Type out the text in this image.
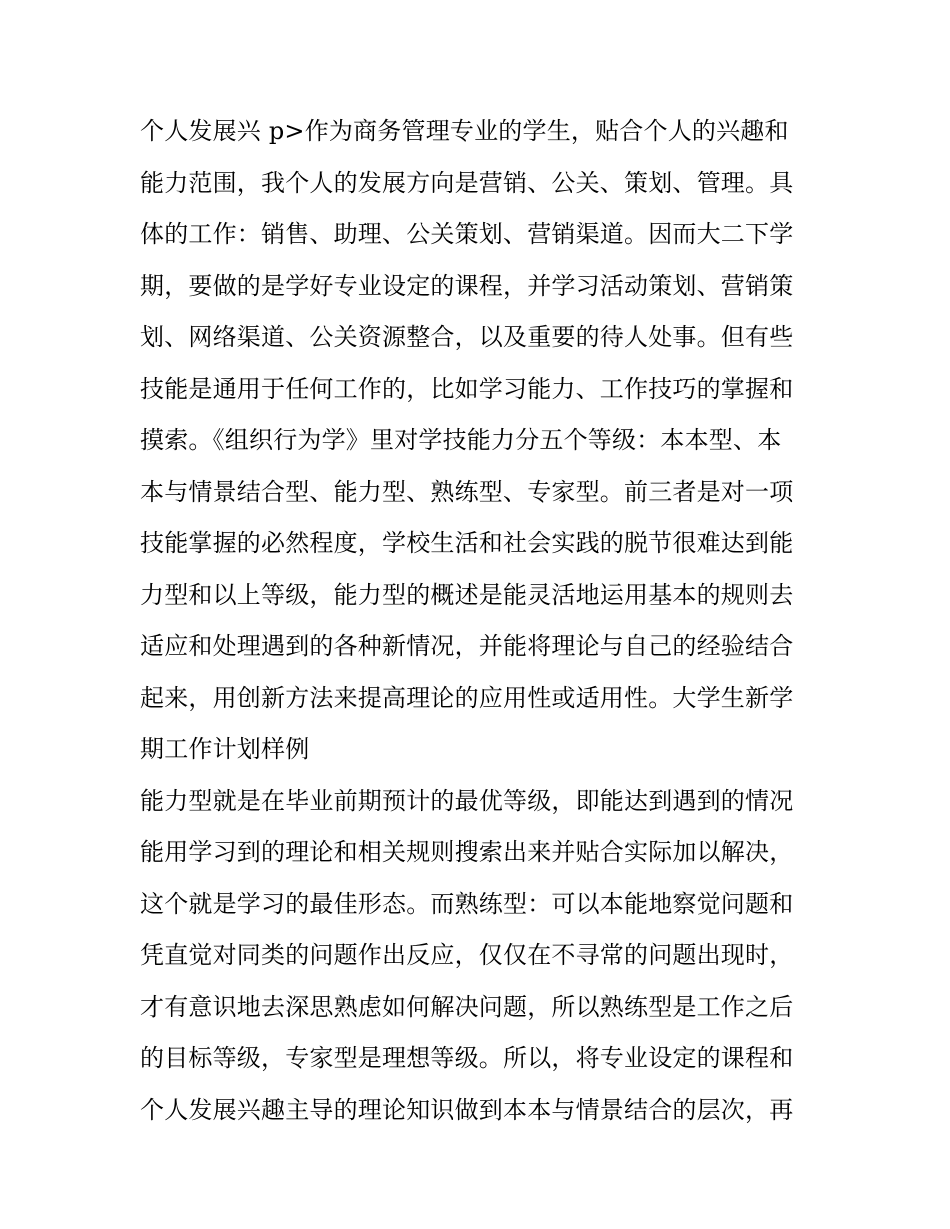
个人发展兴 p>作为商务管理专业的学生，贴合个人的兴趣和
能力范围，我个人的发展方向是营销、公关、策划、管理。具
体的工作：销售、助理、公关策划、营销渠道。因而大二下学
期，要做的是学好专业设定的课程，并学习活动策划、营销策
划、网络渠道、公关资源整合，以及重要的待人处事。但有些
技能是通用于任何工作的，比如学习能力、工作技巧的掌握和
摸索。《组织行为学》里对学技能力分五个等级：本本型、本
本与情景结合型、能力型、熟练型、专家型。前三者是对一项
技能掌握的必然程度，学校生活和社会实践的脱节很难达到能
力型和以上等级，能力型的概述是能灵活地运用基本的规则去
适应和处理遇到的各种新情况，并能将理论与自己的经验结合
起来，用创新方法来提高理论的应用性或适用性。大学生新学
期工作计划样例
能力型就是在毕业前期预计的最优等级，即能达到遇到的情况
能用学习到的理论和相关规则搜索出来并贴合实际加以解决，
这个就是学习的最佳形态。而熟练型：可以本能地察觉问题和
凭直觉对同类的问题作出反应，仅仅在不寻常的问题出现时，
才有意识地去深思熟虑如何解决问题，所以熟练型是工作之后
的目标等级，专家型是理想等级。所以，将专业设定的课程和
个人发展兴趣主导的理论知识做到本本与情景结合的层次，再
